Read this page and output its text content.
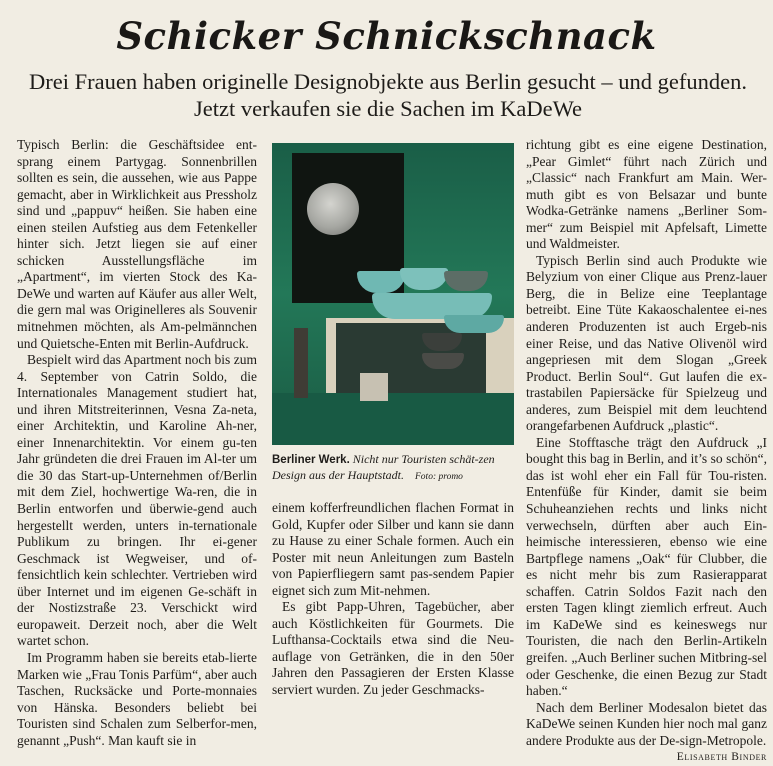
Schicker Schnickschnack
Drei Frauen haben originelle Designobjekte aus Berlin gesucht – und gefunden.
Jetzt verkaufen sie die Sachen im KaDeWe

Typisch Berlin: die Geschäftsidee ent-sprang einem Partygag. Sonnenbrillen sollten es sein, die aussehen, wie aus Pappe gemacht, aber in Wirklichkeit aus Pressholz sind und „pappuv“ heißen. Sie haben eine einen steilen Aufstieg aus dem Fetenkeller hinter sich. Jetzt liegen sie auf einer schicken Ausstellungsfläche im „Apartment“, im vierten Stock des Ka-DeWe und warten auf Käufer aus aller Welt, die gern mal was Originelleres als Souvenir mitnehmen möchten, als Am-pelmännchen und Quietsche-Enten mit Berlin-Aufdruck.

Bespielt wird das Apartment noch bis zum 4. September von Catrin Soldo, die Internationales Management studiert hat, und ihren Mitstreiterinnen, Vesna Za-neta, einer Architektin, und Karoline Ah-ner, einer Innenarchitektin. Vor einem gu-ten Jahr gründeten die drei Frauen im Al-ter um die 30 das Start-up-Unternehmen of/Berlin mit dem Ziel, hochwertige Wa-ren, die in Berlin entworfen und überwie-gend auch hergestellt werden, unters in-ternationale Publikum zu bringen. Ihr ei-gener Geschmack ist Wegweiser, und of-fensichtlich kein schlechter. Vertrieben wird über Internet und im eigenen Ge-schäft in der Nostizstraße 23. Verschickt wird europaweit. Derzeit noch, aber die Welt wartet schon.

Im Programm haben sie bereits etab-lierte Marken wie „Frau Tonis Parfüm“, aber auch Taschen, Rucksäcke und Porte-monnaies von Hänska. Besonders beliebt bei Touristen sind Schalen zum Selberfor-men, genannt „Push“. Man kauft sie in

Berliner Werk. Nicht nur Touristen schät-zen Design aus der Hauptstadt. Foto: promo

einem kofferfreundlichen flachen Format in Gold, Kupfer oder Silber und kann sie dann zu Hause zu einer Schale formen. Auch ein Poster mit neun Anleitungen zum Basteln von Papierfliegern samt pas-sendem Papier eignet sich zum Mit-nehmen.

Es gibt Papp-Uhren, Tagebücher, aber auch Köstlichkeiten für Gourmets. Die Lufthansa-Cocktails etwa sind die Neu-auflage von Getränken, die in den 50er Jahren den Passagieren der Ersten Klasse serviert wurden. Zu jeder Geschmacks-

richtung gibt es eine eigene Destination, „Pear Gimlet“ führt nach Zürich und „Classic“ nach Frankfurt am Main. Wer-muth gibt es von Belsazar und bunte Wodka-Getränke namens „Berliner Som-mer“ zum Beispiel mit Apfelsaft, Limette und Waldmeister.

Typisch Berlin sind auch Produkte wie Belyzium von einer Clique aus Prenz-lauer Berg, die in Belize eine Teeplantage betreibt. Eine Tüte Kakaoschalentee ei-nes anderen Produzenten ist auch Ergeb-nis einer Reise, und das Native Olivenöl wird angepriesen mit dem Slogan „Greek Product. Berlin Soul“. Gut laufen die ex-trastabilen Papiersäcke für Spielzeug und anderes, zum Beispiel mit dem leuchtend orangefarbenen Aufdruck „plastic“.

Eine Stofftasche trägt den Aufdruck „I bought this bag in Berlin, and it’s so schön“, das ist wohl eher ein Fall für Tou-risten. Entenfüße für Kinder, damit sie beim Schuheanziehen rechts und links nicht verwechseln, dürften aber auch Ein-heimische interessieren, ebenso wie eine Bartpflege namens „Oak“ für Clubber, die es nicht mehr bis zum Rasierapparat schaffen. Catrin Soldos Fazit nach den ersten Tagen klingt ziemlich erfreut. Auch im KaDeWe sind es keineswegs nur Touristen, die nach den Berlin-Artikeln greifen. „Auch Berliner suchen Mitbring-sel oder Geschenke, die einen Bezug zur Stadt haben.“

Nach dem Berliner Modesalon bietet das KaDeWe seinen Kunden hier noch mal ganz andere Produkte aus der De-sign-Metropole.

Elisabeth Binder
